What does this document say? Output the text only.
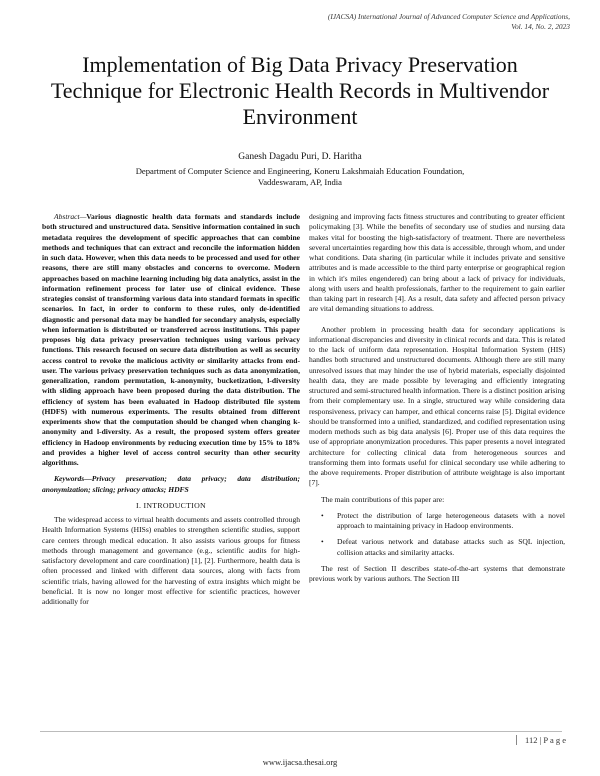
(IJACSA) International Journal of Advanced Computer Science and Applications,
Vol. 14, No. 2, 2023
Implementation of Big Data Privacy Preservation Technique for Electronic Health Records in Multivendor Environment
Ganesh Dagadu Puri, D. Haritha
Department of Computer Science and Engineering, Koneru Lakshmaiah Education Foundation,
Vaddeswaram, AP, India

Abstract—Various diagnostic health data formats and standards include both structured and unstructured data. Sensitive information contained in such metadata requires the development of specific approaches that can combine methods and techniques that can extract and reconcile the information hidden in such data. However, when this data needs to be processed and used for other reasons, there are still many obstacles and concerns to overcome. Modern approaches based on machine learning including big data analytics, assist in the information refinement process for later use of clinical evidence. These strategies consist of transforming various data into standard formats in specific scenarios. In fact, in order to conform to these rules, only de-identified diagnostic and personal data may be handled for secondary analysis, especially when information is distributed or transferred across institutions. This paper proposes big data privacy preservation techniques using various privacy functions. This research focused on secure data distribution as well as security access control to revoke the malicious activity or similarity attacks from end-user. The various privacy preservation techniques such as data anonymization, generalization, random permutation, k-anonymity, bucketization, l-diversity with sliding approach have been proposed during the data distribution. The efficiency of system has been evaluated in Hadoop distributed file system (HDFS) with numerous experiments. The results obtained from different experiments show that the computation should be changed when changing k-anonymity and l-diversity. As a result, the proposed system offers greater efficiency in Hadoop environments by reducing execution time by 15% to 18% and provides a higher level of access control security than other security algorithms.

Keywords—Privacy preservation; data privacy; data distribution; anonymization; slicing; privacy attacks; HDFS

I. INTRODUCTION

The widespread access to virtual health documents and assets controlled through Health Information Systems (HISs) enables to strengthen scientific studies, support care centers through medical education. It also assists various groups for fitness methods through management and governance (e.g., scientific audits for high-satisfactory development and care coordination) [1], [2]. Furthermore, health data is often processed and linked with different data sources, along with facts from scientific trials, having allowed for the harvesting of extra insights which might be beneficial. It is now no longer most effective for scientific practices, however additionally for

designing and improving facts fitness structures and contributing to greater efficient policymaking [3]. While the benefits of secondary use of studies and nursing data makes vital for boosting the high-satisfactory of treatment. There are nevertheless several uncertainties regarding how this data is accessible, through whom, and under what conditions. Data sharing (in particular while it includes private and sensitive attributes and is made accessible to the third party enterprise or geographical region in which it's miles engendered) can bring about a lack of privacy for individuals, along with users and health professionals, farther to the requirement to gain earlier than taking part in research [4]. As a result, data safety and affected person privacy are vital demanding situations to address.

Another problem in processing health data for secondary applications is informational discrepancies and diversity in clinical records and data. This is related to the lack of uniform data representation. Hospital Information System (HIS) handles both structured and unstructured documents. Although there are still many unresolved issues that may hinder the use of hybrid materials, especially disjointed health data, they are made possible by leveraging and efficiently integrating structured and semi-structured health information. There is a distinct position arising from their complementary use. In a single, structured way while considering data responsiveness, privacy can hamper, and ethical concerns raise [5]. Digital evidence should be transformed into a unified, standardized, and codified representation using modern methods such as big data analysis [6]. Proper use of this data requires the use of appropriate anonymization procedures. This paper presents a novel integrated architecture for collecting clinical data from heterogeneous sources and transforming them into formats useful for clinical secondary use while adhering to the above requirements. Proper distribution of attribute weightage is also important [7].

The main contributions of this paper are:

• Protect the distribution of large heterogeneous datasets with a novel approach to maintaining privacy in Hadoop environments.
• Defeat various network and database attacks such as SQL injection, collision attacks and similarity attacks.

The rest of Section II describes state-of-the-art systems that demonstrate previous work by various authors. The Section III

112 | P a g e
www.ijacsa.thesai.org
